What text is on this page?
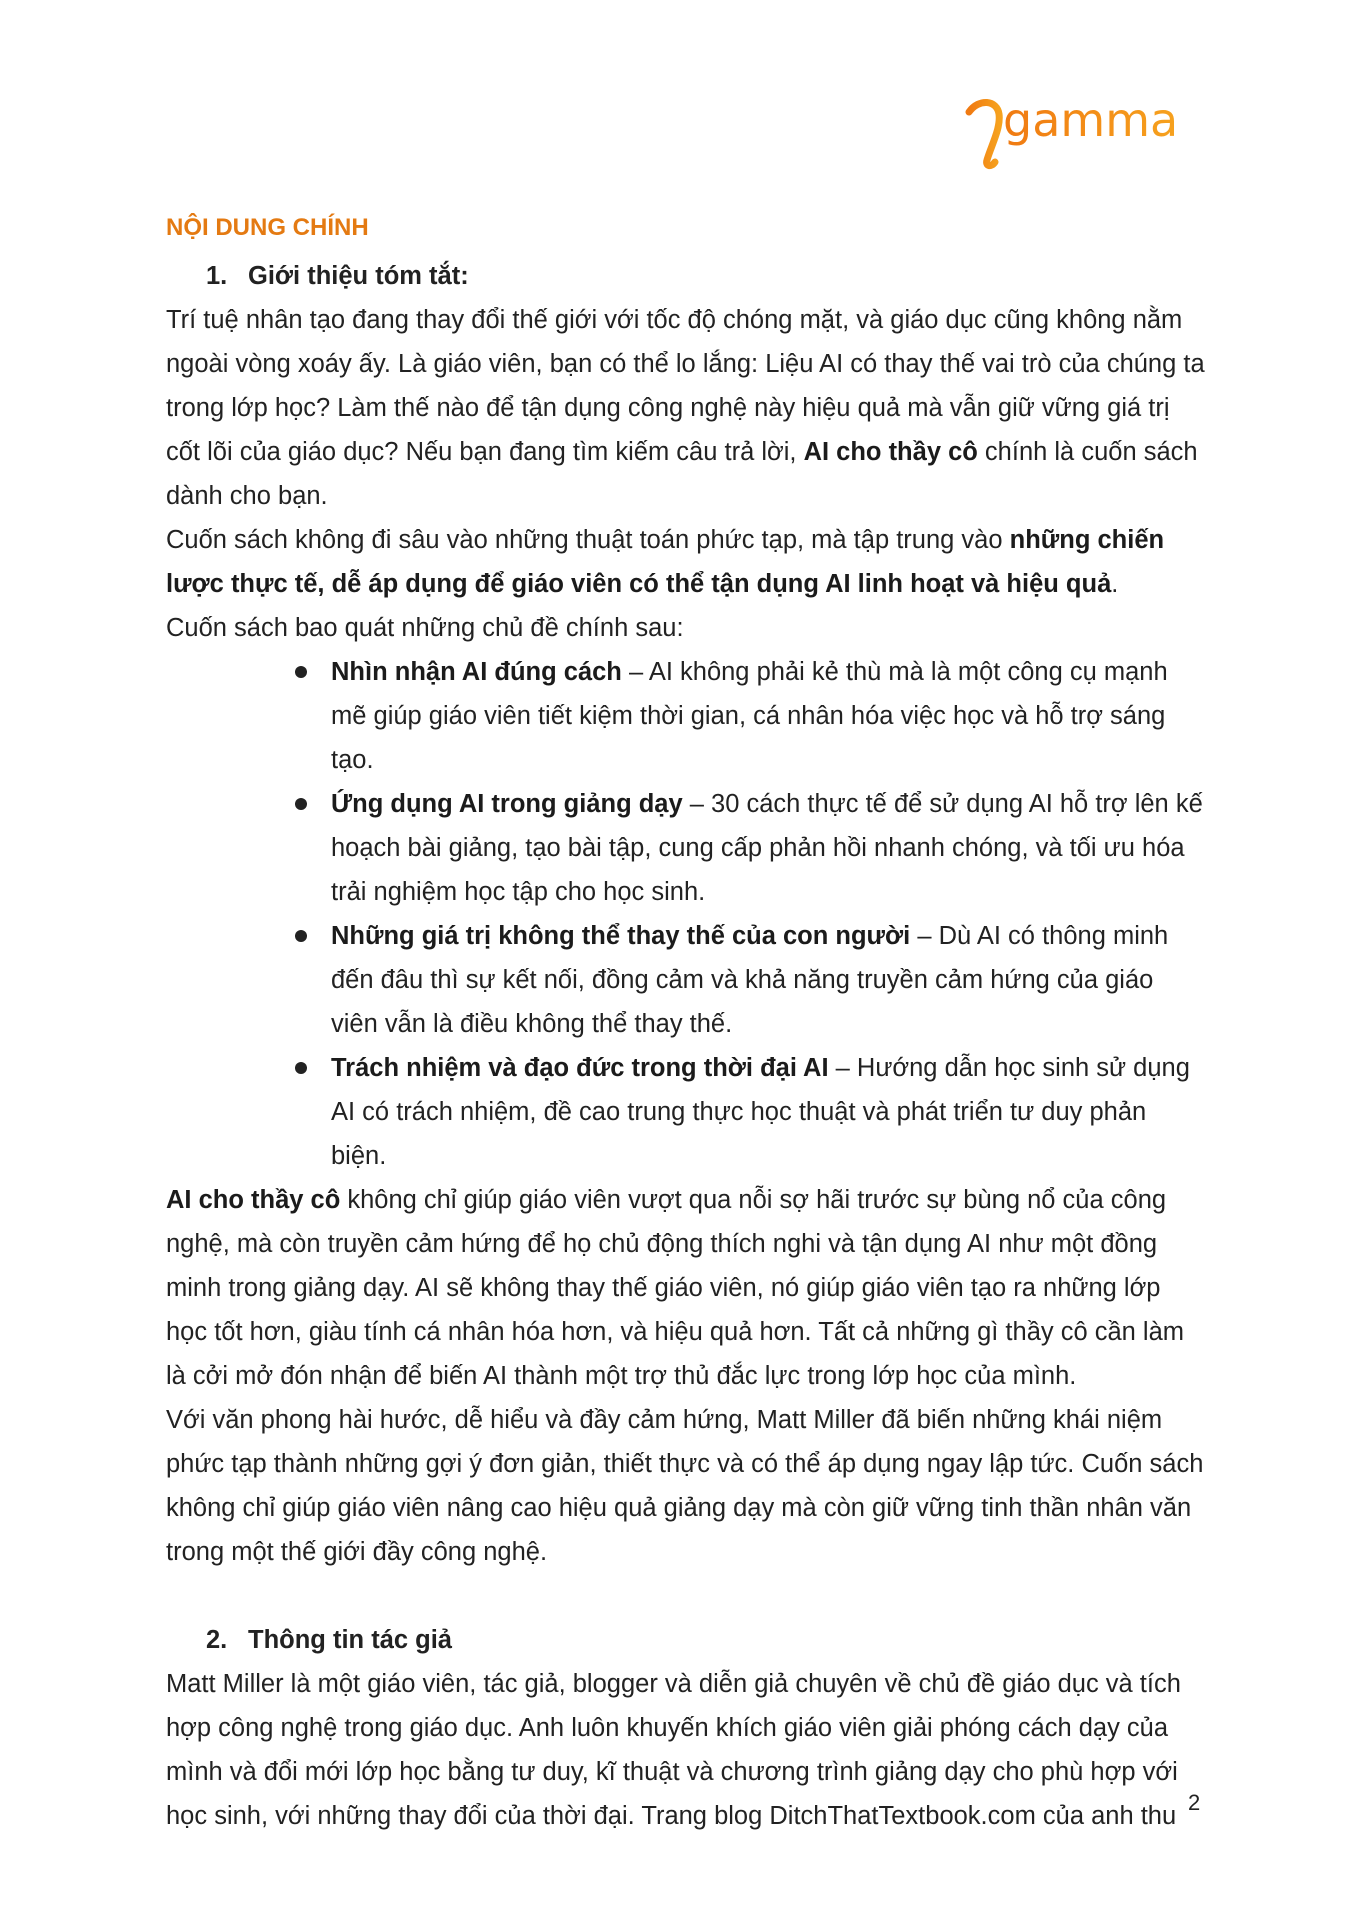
gamma
NỘI DUNG CHÍNH

1. Giới thiệu tóm tắt:

Trí tuệ nhân tạo đang thay đổi thế giới với tốc độ chóng mặt, và giáo dục cũng không nằm ngoài vòng xoáy ấy. Là giáo viên, bạn có thể lo lắng: Liệu AI có thay thế vai trò của chúng ta trong lớp học? Làm thế nào để tận dụng công nghệ này hiệu quả mà vẫn giữ vững giá trị cốt lõi của giáo dục? Nếu bạn đang tìm kiếm câu trả lời, AI cho thầy cô chính là cuốn sách dành cho bạn.

Cuốn sách không đi sâu vào những thuật toán phức tạp, mà tập trung vào những chiến lược thực tế, dễ áp dụng để giáo viên có thể tận dụng AI linh hoạt và hiệu quả.

Cuốn sách bao quát những chủ đề chính sau:

Nhìn nhận AI đúng cách – AI không phải kẻ thù mà là một công cụ mạnh mẽ giúp giáo viên tiết kiệm thời gian, cá nhân hóa việc học và hỗ trợ sáng tạo.
Ứng dụng AI trong giảng dạy – 30 cách thực tế để sử dụng AI hỗ trợ lên kế hoạch bài giảng, tạo bài tập, cung cấp phản hồi nhanh chóng, và tối ưu hóa trải nghiệm học tập cho học sinh.
Những giá trị không thể thay thế của con người – Dù AI có thông minh đến đâu thì sự kết nối, đồng cảm và khả năng truyền cảm hứng của giáo viên vẫn là điều không thể thay thế.
Trách nhiệm và đạo đức trong thời đại AI – Hướng dẫn học sinh sử dụng AI có trách nhiệm, đề cao trung thực học thuật và phát triển tư duy phản biện.

AI cho thầy cô không chỉ giúp giáo viên vượt qua nỗi sợ hãi trước sự bùng nổ của công nghệ, mà còn truyền cảm hứng để họ chủ động thích nghi và tận dụng AI như một đồng minh trong giảng dạy. AI sẽ không thay thế giáo viên, nó giúp giáo viên tạo ra những lớp học tốt hơn, giàu tính cá nhân hóa hơn, và hiệu quả hơn. Tất cả những gì thầy cô cần làm là cởi mở đón nhận để biến AI thành một trợ thủ đắc lực trong lớp học của mình.

Với văn phong hài hước, dễ hiểu và đầy cảm hứng, Matt Miller đã biến những khái niệm phức tạp thành những gợi ý đơn giản, thiết thực và có thể áp dụng ngay lập tức. Cuốn sách không chỉ giúp giáo viên nâng cao hiệu quả giảng dạy mà còn giữ vững tinh thần nhân văn trong một thế giới đầy công nghệ.

2. Thông tin tác giả

Matt Miller là một giáo viên, tác giả, blogger và diễn giả chuyên về chủ đề giáo dục và tích hợp công nghệ trong giáo dục. Anh luôn khuyến khích giáo viên giải phóng cách dạy của mình và đổi mới lớp học bằng tư duy, kĩ thuật và chương trình giảng dạy cho phù hợp với học sinh, với những thay đổi của thời đại. Trang blog DitchThatTextbook.com của anh thu 2
